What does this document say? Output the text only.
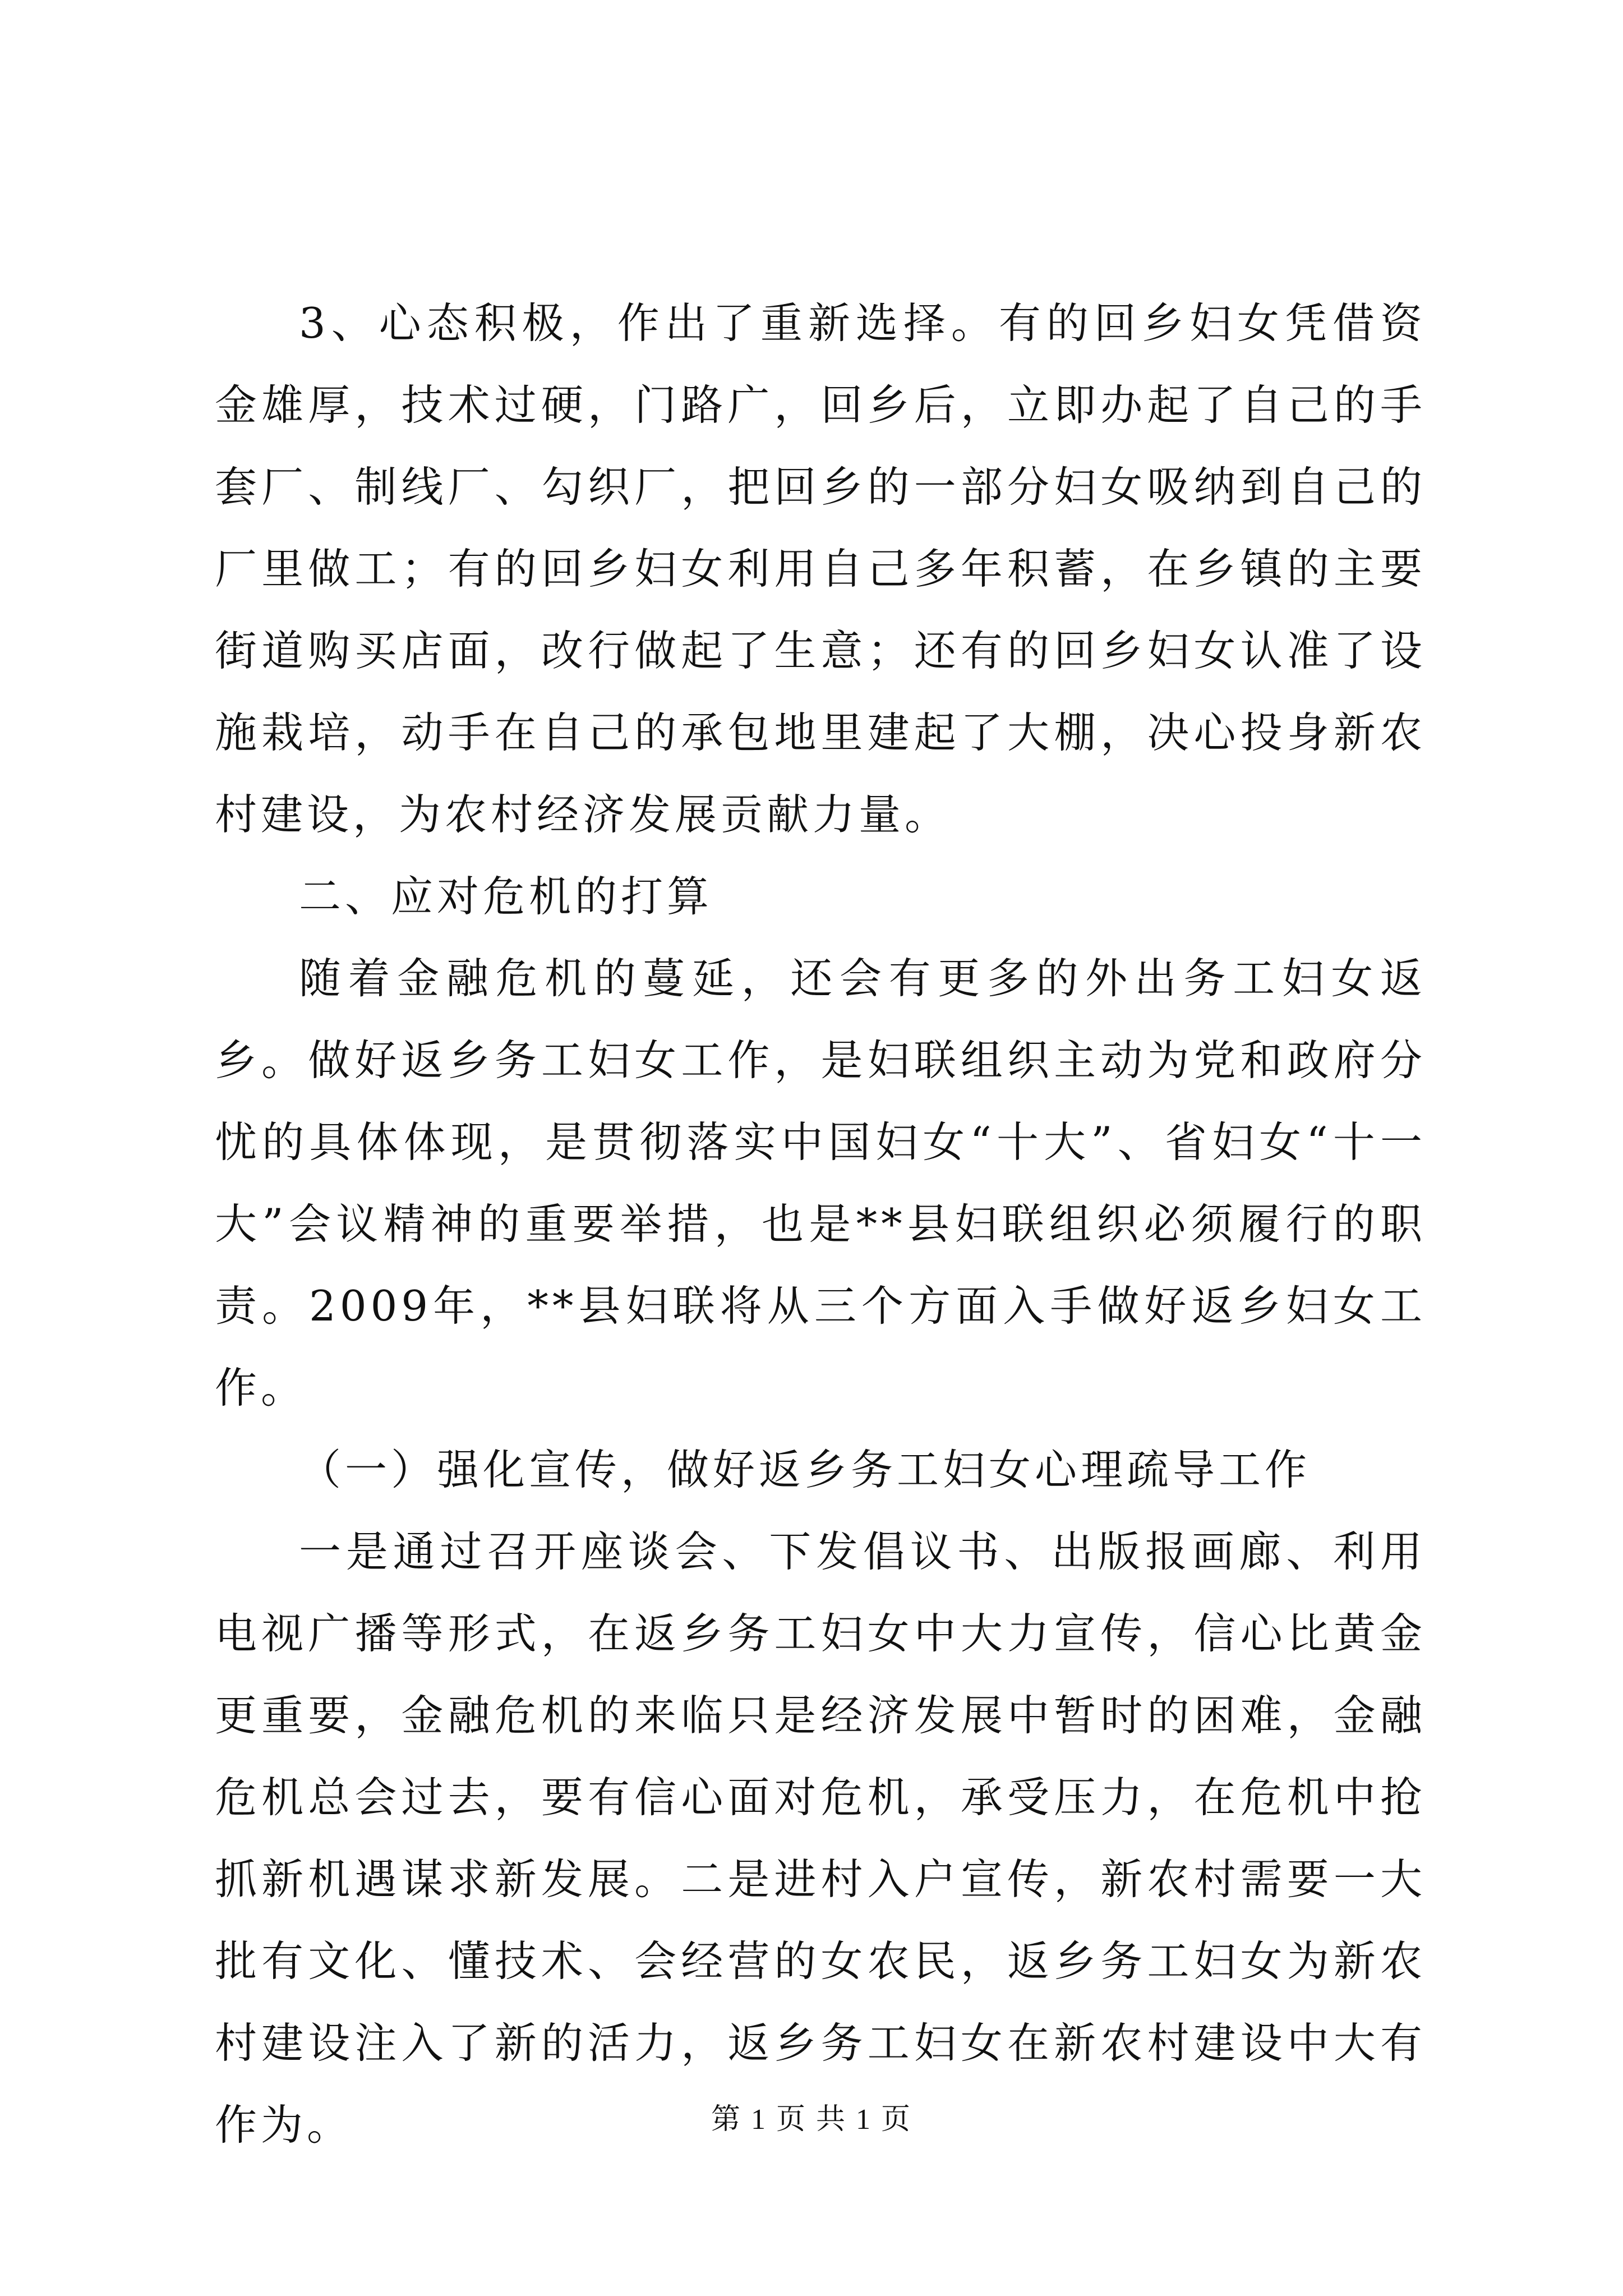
3、心态积极，作出了重新选择。有的回乡妇女凭借资金雄厚，技术过硬，门路广，回乡后，立即办起了自己的手套厂、制线厂、勾织厂，把回乡的一部分妇女吸纳到自己的厂里做工；有的回乡妇女利用自己多年积蓄，在乡镇的主要街道购买店面，改行做起了生意；还有的回乡妇女认准了设施栽培，动手在自己的承包地里建起了大棚，决心投身新农村建设，为农村经济发展贡献力量。

二、应对危机的打算

随着金融危机的蔓延，还会有更多的外出务工妇女返乡。做好返乡务工妇女工作，是妇联组织主动为党和政府分忧的具体体现，是贯彻落实中国妇女“十大”、省妇女“十一大”会议精神的重要举措，也是**县妇联组织必须履行的职责。2009年，**县妇联将从三个方面入手做好返乡妇女工作。

（一）强化宣传，做好返乡务工妇女心理疏导工作

一是通过召开座谈会、下发倡议书、出版报画廊、利用电视广播等形式，在返乡务工妇女中大力宣传，信心比黄金更重要，金融危机的来临只是经济发展中暂时的困难，金融危机总会过去，要有信心面对危机，承受压力，在危机中抢抓新机遇谋求新发展。二是进村入户宣传，新农村需要一大批有文化、懂技术、会经营的女农民，返乡务工妇女为新农村建设注入了新的活力，返乡务工妇女在新农村建设中大有作为。	第 1 页 共 1 页
